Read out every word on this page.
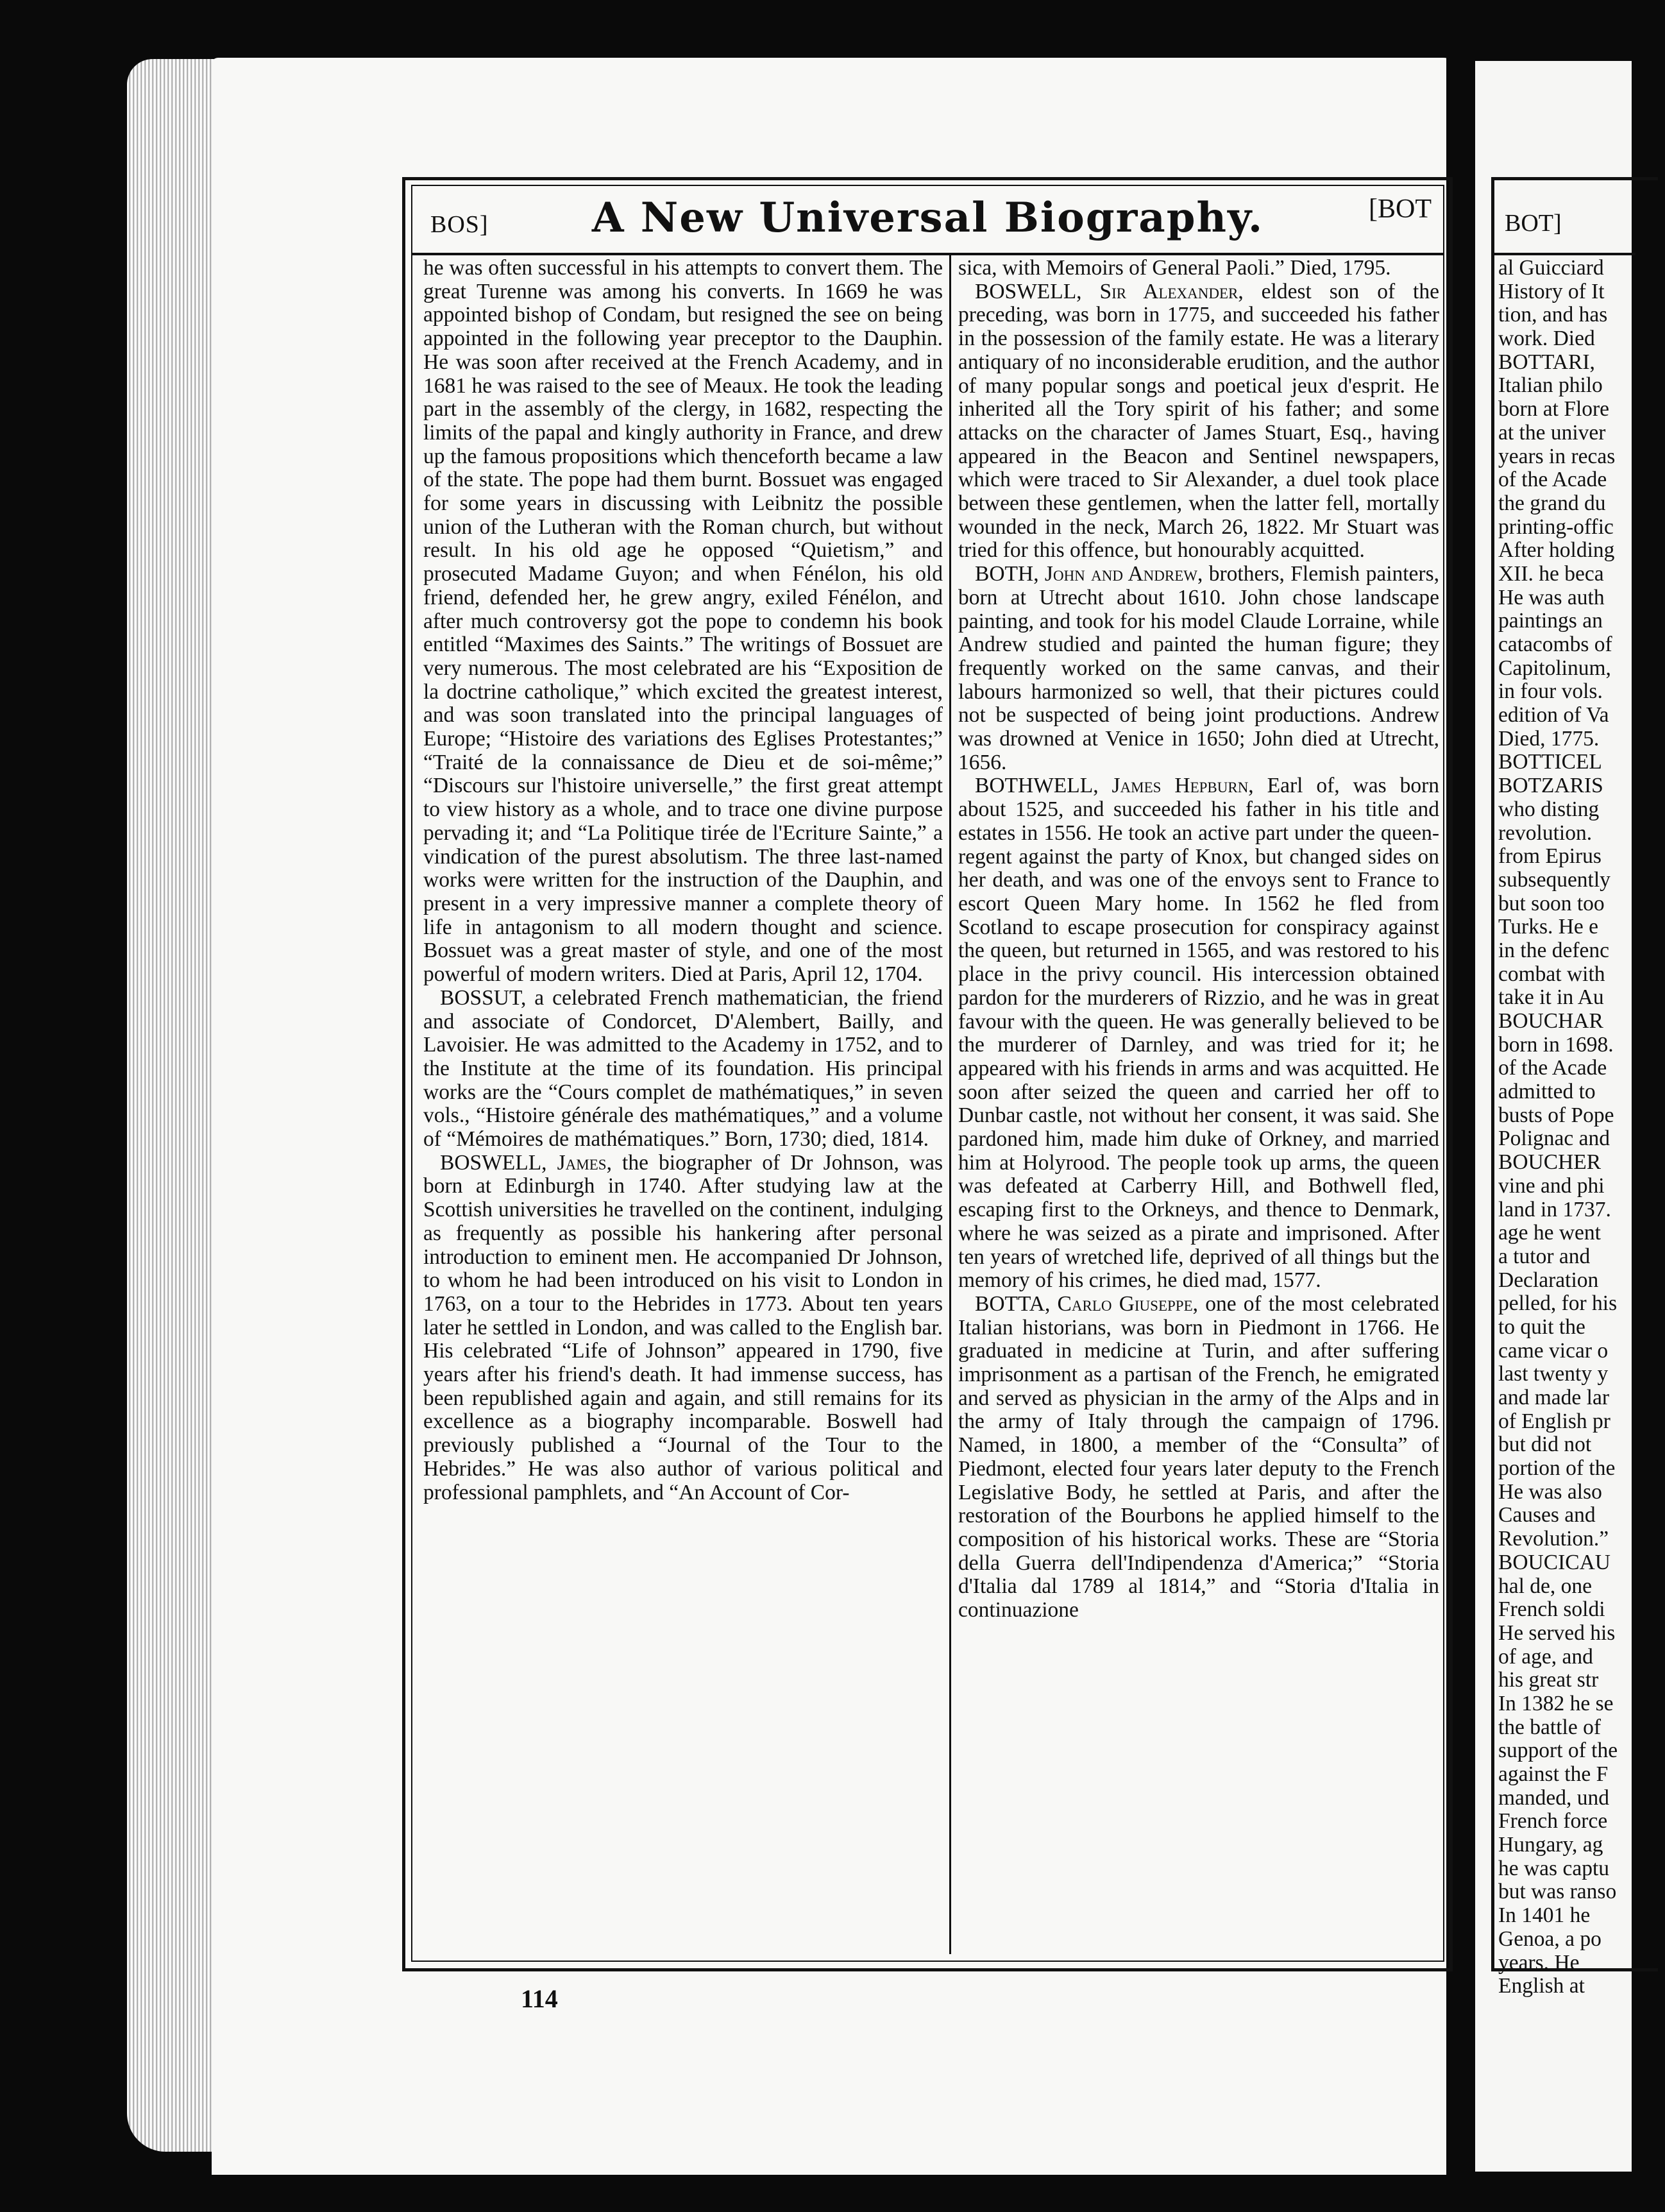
BOS]	A New Universal Biography.	[BOT

he was often successful in his attempts to convert them. The great Turenne was among his converts. In 1669 he was appointed bishop of Condam, but resigned the see on being appointed in the following year preceptor to the Dauphin. He was soon after received at the French Academy, and in 1681 he was raised to the see of Meaux. He took the leading part in the assembly of the clergy, in 1682, respecting the limits of the papal and kingly authority in France, and drew up the famous propositions which thenceforth became a law of the state. The pope had them burnt. Bossuet was engaged for some years in discussing with Leibnitz the possible union of the Lutheran with the Roman church, but without result. In his old age he opposed “Quietism,” and prosecuted Madame Guyon; and when Fénélon, his old friend, defended her, he grew angry, exiled Fénélon, and after much controversy got the pope to condemn his book entitled “Maximes des Saints.” The writings of Bossuet are very numerous. The most celebrated are his “Exposition de la doctrine catholique,” which excited the greatest interest, and was soon translated into the principal languages of Europe; “Histoire des variations des Eglises Protestantes;” “Traité de la connaissance de Dieu et de soi-même;” “Discours sur l'histoire universelle,” the first great attempt to view history as a whole, and to trace one divine purpose pervading it; and “La Politique tirée de l'Ecriture Sainte,” a vindication of the purest absolutism. The three last-named works were written for the instruction of the Dauphin, and present in a very impressive manner a complete theory of life in antagonism to all modern thought and science. Bossuet was a great master of style, and one of the most powerful of modern writers. Died at Paris, April 12, 1704.

BOSSUT, a celebrated French mathematician, the friend and associate of Condorcet, D'Alembert, Bailly, and Lavoisier. He was admitted to the Academy in 1752, and to the Institute at the time of its foundation. His principal works are the “Cours complet de mathématiques,” in seven vols., “Histoire générale des mathématiques,” and a volume of “Mémoires de mathématiques.” Born, 1730; died, 1814.

BOSWELL, James, the biographer of Dr Johnson, was born at Edinburgh in 1740. After studying law at the Scottish universities he travelled on the continent, indulging as frequently as possible his hankering after personal introduction to eminent men. He accompanied Dr Johnson, to whom he had been introduced on his visit to London in 1763, on a tour to the Hebrides in 1773. About ten years later he settled in London, and was called to the English bar. His celebrated “Life of Johnson” appeared in 1790, five years after his friend's death. It had immense success, has been republished again and again, and still remains for its excellence as a biography incomparable. Boswell had previously published a “Journal of the Tour to the Hebrides.” He was also author of various political and professional pamphlets, and “An Account of Cor-

sica, with Memoirs of General Paoli.” Died, 1795.

BOSWELL, Sir Alexander, eldest son of the preceding, was born in 1775, and succeeded his father in the possession of the family estate. He was a literary antiquary of no inconsiderable erudition, and the author of many popular songs and poetical jeux d'esprit. He inherited all the Tory spirit of his father; and some attacks on the character of James Stuart, Esq., having appeared in the Beacon and Sentinel newspapers, which were traced to Sir Alexander, a duel took place between these gentlemen, when the latter fell, mortally wounded in the neck, March 26, 1822. Mr Stuart was tried for this offence, but honourably acquitted.

BOTH, John and Andrew, brothers, Flemish painters, born at Utrecht about 1610. John chose landscape painting, and took for his model Claude Lorraine, while Andrew studied and painted the human figure; they frequently worked on the same canvas, and their labours harmonized so well, that their pictures could not be suspected of being joint productions. Andrew was drowned at Venice in 1650; John died at Utrecht, 1656.

BOTHWELL, James Hepburn, Earl of, was born about 1525, and succeeded his father in his title and estates in 1556. He took an active part under the queen-regent against the party of Knox, but changed sides on her death, and was one of the envoys sent to France to escort Queen Mary home. In 1562 he fled from Scotland to escape prosecution for conspiracy against the queen, but returned in 1565, and was restored to his place in the privy council. His intercession obtained pardon for the murderers of Rizzio, and he was in great favour with the queen. He was generally believed to be the murderer of Darnley, and was tried for it; he appeared with his friends in arms and was acquitted. He soon after seized the queen and carried her off to Dunbar castle, not without her consent, it was said. She pardoned him, made him duke of Orkney, and married him at Holyrood. The people took up arms, the queen was defeated at Carberry Hill, and Bothwell fled, escaping first to the Orkneys, and thence to Denmark, where he was seized as a pirate and imprisoned. After ten years of wretched life, deprived of all things but the memory of his crimes, he died mad, 1577.

BOTTA, Carlo Giuseppe, one of the most celebrated Italian historians, was born in Piedmont in 1766. He graduated in medicine at Turin, and after suffering imprisonment as a partisan of the French, he emigrated and served as physician in the army of the Alps and in the army of Italy through the campaign of 1796. Named, in 1800, a member of the “Consulta” of Piedmont, elected four years later deputy to the French Legislative Body, he settled at Paris, and after the restoration of the Bourbons he applied himself to the composition of his historical works. These are “Storia della Guerra dell'Indipendenza d'America;” “Storia d'Italia dal 1789 al 1814,” and “Storia d'Italia in continuazione

114
BOT]
al Guicciard
History of It
tion, and has
work. Died
BOTTARI,
Italian philo
born at Flore
at the univer
years in recas
of the Acade
the grand du
printing-offic
After holding
XII. he beca
He was auth
paintings an
catacombs of
Capitolinum,
in four vols.
edition of Va
Died, 1775.
BOTTICEL
BOTZARIS
who disting
revolution.
from Epirus
subsequently
but soon too
Turks. He e
in the defenc
combat with
take it in Au
BOUCHAR
born in 1698.
of the Acade
admitted to
busts of Pope
Polignac and
BOUCHER
vine and phi
land in 1737.
age he went
a tutor and
Declaration
pelled, for his
to quit the
came vicar o
last twenty y
and made lar
of English pr
but did not
portion of the
He was also
Causes and
Revolution.”
BOUCICAU
hal de, one
French soldi
He served his
of age, and
his great str
In 1382 he se
the battle of
support of the
against the F
manded, und
French force
Hungary, ag
he was captu
but was ranso
In 1401 he
Genoa, a po
years. He
English at
